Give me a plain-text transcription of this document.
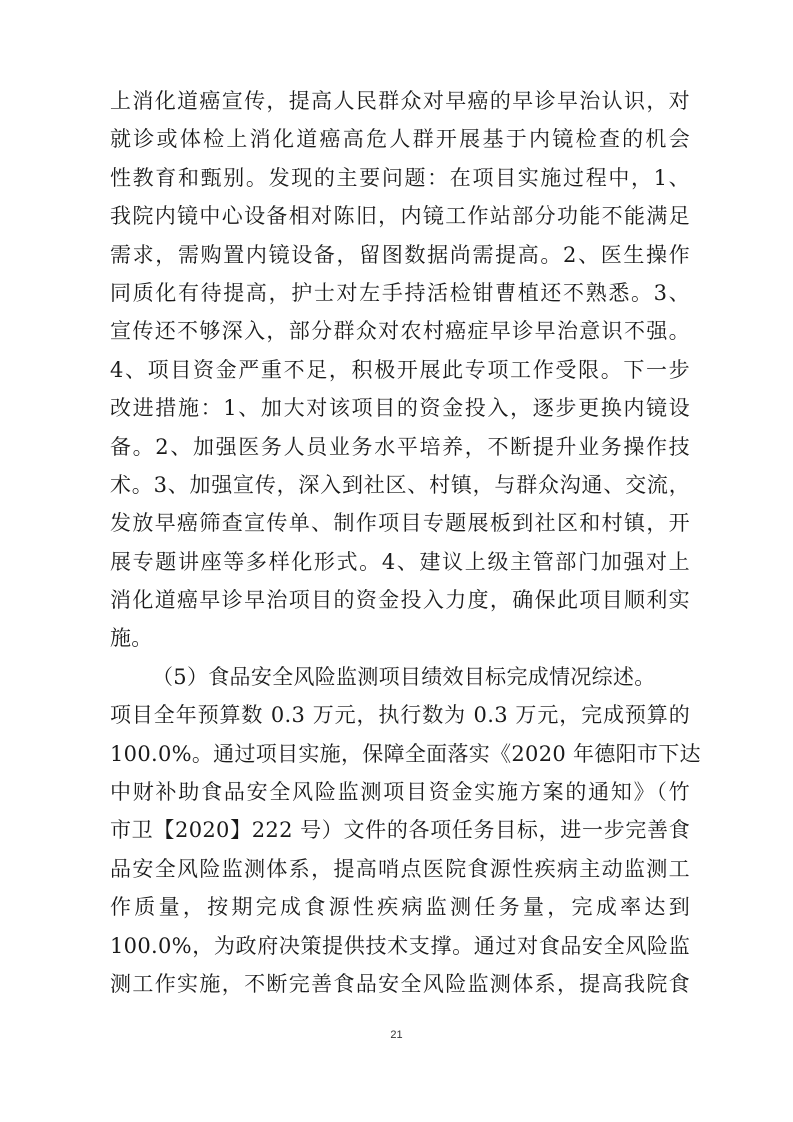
上消化道癌宣传，提高人民群众对早癌的早诊早治认识，对
就诊或体检上消化道癌高危人群开展基于内镜检查的机会
性教育和甄别。发现的主要问题：在项目实施过程中，1、
我院内镜中心设备相对陈旧，内镜工作站部分功能不能满足
需求，需购置内镜设备，留图数据尚需提高。2、医生操作
同质化有待提高，护士对左手持活检钳曹植还不熟悉。3、
宣传还不够深入，部分群众对农村癌症早诊早治意识不强。
4、项目资金严重不足，积极开展此专项工作受限。下一步
改进措施：1、加大对该项目的资金投入，逐步更换内镜设
备。2、加强医务人员业务水平培养，不断提升业务操作技
术。3、加强宣传，深入到社区、村镇，与群众沟通、交流，
发放早癌筛查宣传单、制作项目专题展板到社区和村镇，开
展专题讲座等多样化形式。4、建议上级主管部门加强对上
消化道癌早诊早治项目的资金投入力度，确保此项目顺利实
施。
（5）食品安全风险监测项目绩效目标完成情况综述。
项目全年预算数 0.3 万元，执行数为 0.3 万元，完成预算的
100.0%。通过项目实施，保障全面落实《2020 年德阳市下达
中财补助食品安全风险监测项目资金实施方案的通知》（竹
市卫【2020】222 号）文件的各项任务目标，进一步完善食
品安全风险监测体系，提高哨点医院食源性疾病主动监测工
作质量，按期完成食源性疾病监测任务量，完成率达到
100.0%，为政府决策提供技术支撑。通过对食品安全风险监
测工作实施，不断完善食品安全风险监测体系，提高我院食
21
